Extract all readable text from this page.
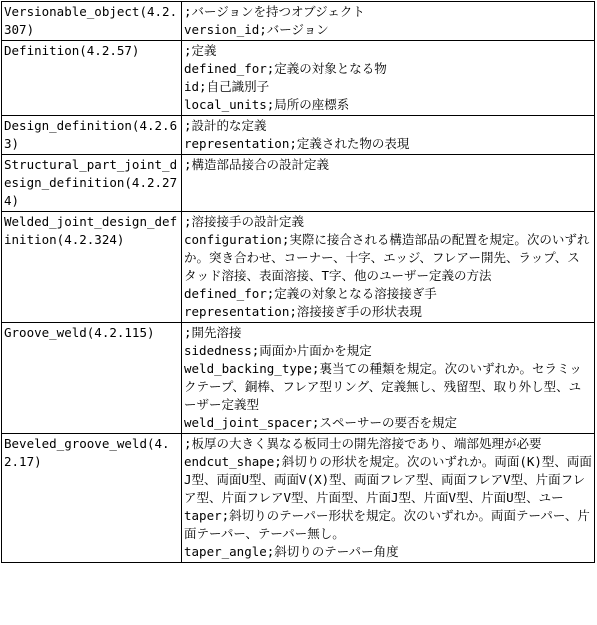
Versionable_object(4.2.307)	;バージョンを持つオブジェクト
version_id;バージョン

Definition(4.2.57)	;定義
defined_for;定義の対象となる物
id;自己識別子
local_units;局所の座標系

Design_definition(4.2.63)	;設計的な定義
representation;定義された物の表現

Structural_part_joint_design_definition(4.2.274)	;構造部品接合の設計定義

Welded_joint_design_definition(4.2.324)	;溶接接手の設計定義
configuration;実際に接合される構造部品の配置を規定。次のいずれか。突き合わせ、コーナー、十字、エッジ、フレアー開先、ラップ、スタッド溶接、表面溶接、T字、他のユーザー定義の方法
defined_for;定義の対象となる溶接接ぎ手
representation;溶接接ぎ手の形状表現

Groove_weld(4.2.115)	;開先溶接
sidedness;両面か片面かを規定
weld_backing_type;裏当ての種類を規定。次のいずれか。セラミックテープ、銅棒、フレア型リング、定義無し、残留型、取り外し型、ユーザー定義型
weld_joint_spacer;スペーサーの要否を規定

Beveled_groove_weld(4.2.17)	;板厚の大きく異なる板同士の開先溶接であり、端部処理が必要
endcut_shape;斜切りの形状を規定。次のいずれか。両面(K)型、両面J型、両面U型、両面V(X)型、両面フレア型、両面フレアV型、片面フレア型、片面フレアV型、片面型、片面J型、片面V型、片面U型、ユー
taper;斜切りのテーパー形状を規定。次のいずれか。両面テーパー、片面テーパー、テーパー無し。
taper_angle;斜切りのテーパー角度
